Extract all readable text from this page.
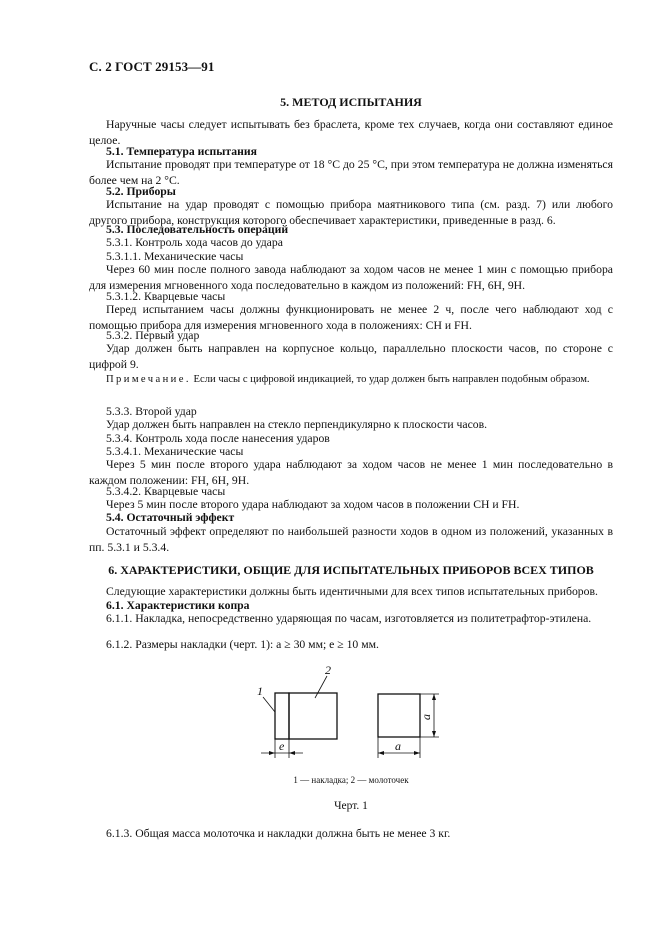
С. 2 ГОСТ 29153—91
5. МЕТОД ИСПЫТАНИЯ
Наручные часы следует испытывать без браслета, кроме тех случаев, когда они составляют единое целое.
5.1. Температура испытания
Испытание проводят при температуре от 18 °С до 25 °С, при этом температура не должна изменяться более чем на 2 °С.
5.2. Приборы
Испытание на удар проводят с помощью прибора маятникового типа (см. разд. 7) или любого другого прибора, конструкция которого обеспечивает характеристики, приведенные в разд. 6.
5.3. Последовательность операций
5.3.1. Контроль хода часов до удара
5.3.1.1. Механические часы
Через 60 мин после полного завода наблюдают за ходом часов не менее 1 мин с помощью прибора для измерения мгновенного хода последовательно в каждом из положений: FH, 6H, 9H.
5.3.1.2. Кварцевые часы
Перед испытанием часы должны функционировать не менее 2 ч, после чего наблюдают ход с помощью прибора для измерения мгновенного хода в положениях: CH и FH.
5.3.2. Первый удар
Удар должен быть направлен на корпусное кольцо, параллельно плоскости часов, по стороне с цифрой 9.
Примечание. Если часы с цифровой индикацией, то удар должен быть направлен подобным образом.
5.3.3. Второй удар
Удар должен быть направлен на стекло перпендикулярно к плоскости часов.
5.3.4. Контроль хода после нанесения ударов
5.3.4.1. Механические часы
Через 5 мин после второго удара наблюдают за ходом часов не менее 1 мин последовательно в каждом положении: FH, 6H, 9H.
5.3.4.2. Кварцевые часы
Через 5 мин после второго удара наблюдают за ходом часов в положении CH и FH.
5.4. Остаточный эффект
Остаточный эффект определяют по наибольшей разности ходов в одном из положений, указанных в пп. 5.3.1 и 5.3.4.
6. ХАРАКТЕРИСТИКИ, ОБЩИЕ ДЛЯ ИСПЫТАТЕЛЬНЫХ ПРИБОРОВ ВСЕХ ТИПОВ
Следующие характеристики должны быть идентичными для всех типов испытательных приборов.
6.1. Характеристики копра
6.1.1. Накладка, непосредственно ударяющая по часам, изготовляется из политетрафтор-этилена.
6.1.2. Размеры накладки (черт. 1): a ≥ 30 мм; e ≥ 10 мм.
1
2
e	a
a
1 — накладка; 2 — молоточек
Черт. 1
6.1.3. Общая масса молоточка и накладки должна быть не менее 3 кг.
